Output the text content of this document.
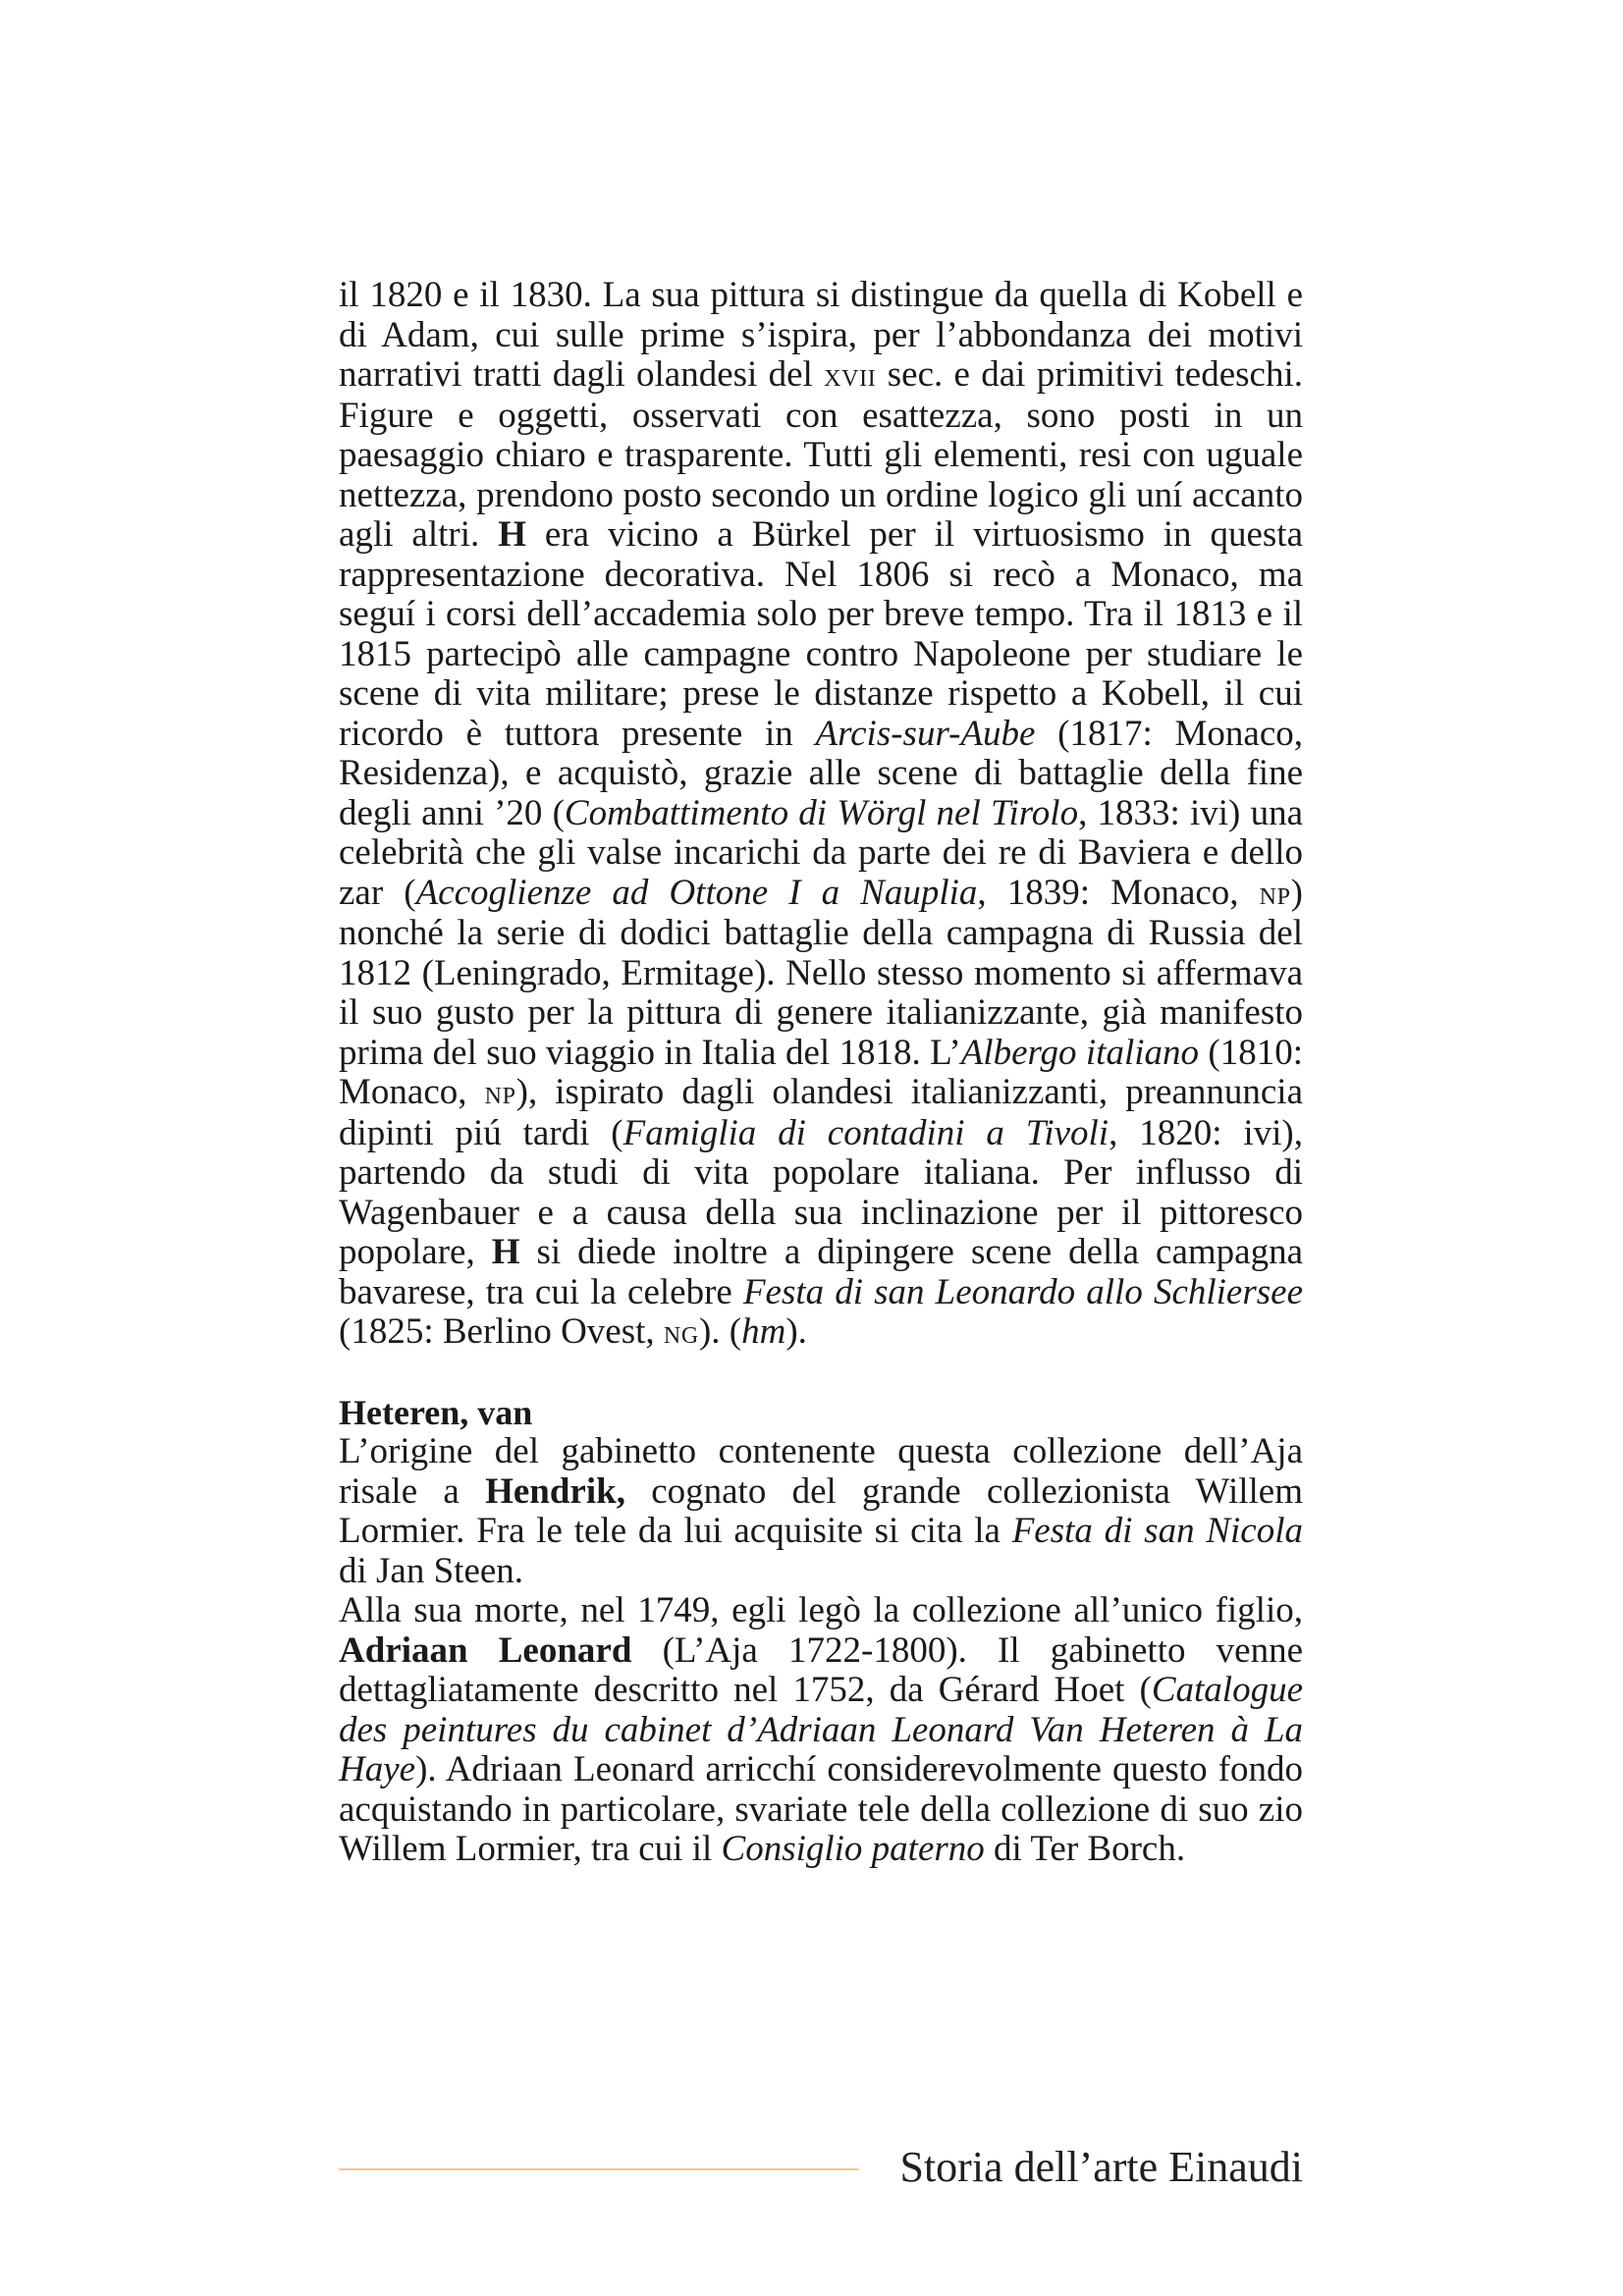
il 1820 e il 1830. La sua pittura si distingue da quella di Kobell e di Adam, cui sulle prime s’ispira, per l’abbondanza dei motivi narrativi tratti dagli olandesi del xvii sec. e dai primitivi tedeschi. Figure e oggetti, osservati con esattezza, sono posti in un paesaggio chiaro e trasparente. Tutti gli elementi, resi con uguale nettezza, prendono posto secondo un ordine logico gli uní accanto agli altri. H era vicino a Bürkel per il virtuosismo in questa rappresentazione decorativa. Nel 1806 si recò a Monaco, ma seguí i corsi dell’accademia solo per breve tempo. Tra il 1813 e il 1815 partecipò alle campagne contro Napoleone per studiare le scene di vita militare; prese le distanze rispetto a Kobell, il cui ricordo è tuttora presente in Arcis-sur-Aube (1817: Monaco, Residenza), e acquistò, grazie alle scene di battaglie della fine degli anni ’20 (Combattimento di Wörgl nel Tirolo, 1833: ivi) una celebrità che gli valse incarichi da parte dei re di Baviera e dello zar (Accoglienze ad Ottone I a Nauplia, 1839: Monaco, np) nonché la serie di dodici battaglie della campagna di Russia del 1812 (Leningrado, Ermitage). Nello stesso momento si affermava il suo gusto per la pittura di genere italianizzante, già manifesto prima del suo viaggio in Italia del 1818. L’Albergo italiano (1810: Monaco, np), ispirato dagli olandesi italianizzanti, preannuncia dipinti piú tardi (Famiglia di contadini a Tivoli, 1820: ivi), partendo da studi di vita popolare italiana. Per influsso di Wagenbauer e a causa della sua inclinazione per il pittoresco popolare, H si diede inoltre a dipingere scene della campagna bavarese, tra cui la celebre Festa di san Leonardo allo Schliersee (1825: Berlino Ovest, ng). (hm).

Heteren, van

L’origine del gabinetto contenente questa collezione dell’Aja risale a Hendrik, cognato del grande collezionista Willem Lormier. Fra le tele da lui acquisite si cita la Festa di san Nicola di Jan Steen.

Alla sua morte, nel 1749, egli legò la collezione all’unico figlio, Adriaan Leonard (L’Aja 1722-1800). Il gabinetto venne dettagliatamente descritto nel 1752, da Gérard Hoet (Catalogue des peintures du cabinet d’Adriaan Leonard Van Heteren à La Haye). Adriaan Leonard arricchí considerevolmente questo fondo acquistando in particolare, svariate tele della collezione di suo zio Willem Lormier, tra cui il Consiglio paterno di Ter Borch.

Storia dell’arte Einaudi
